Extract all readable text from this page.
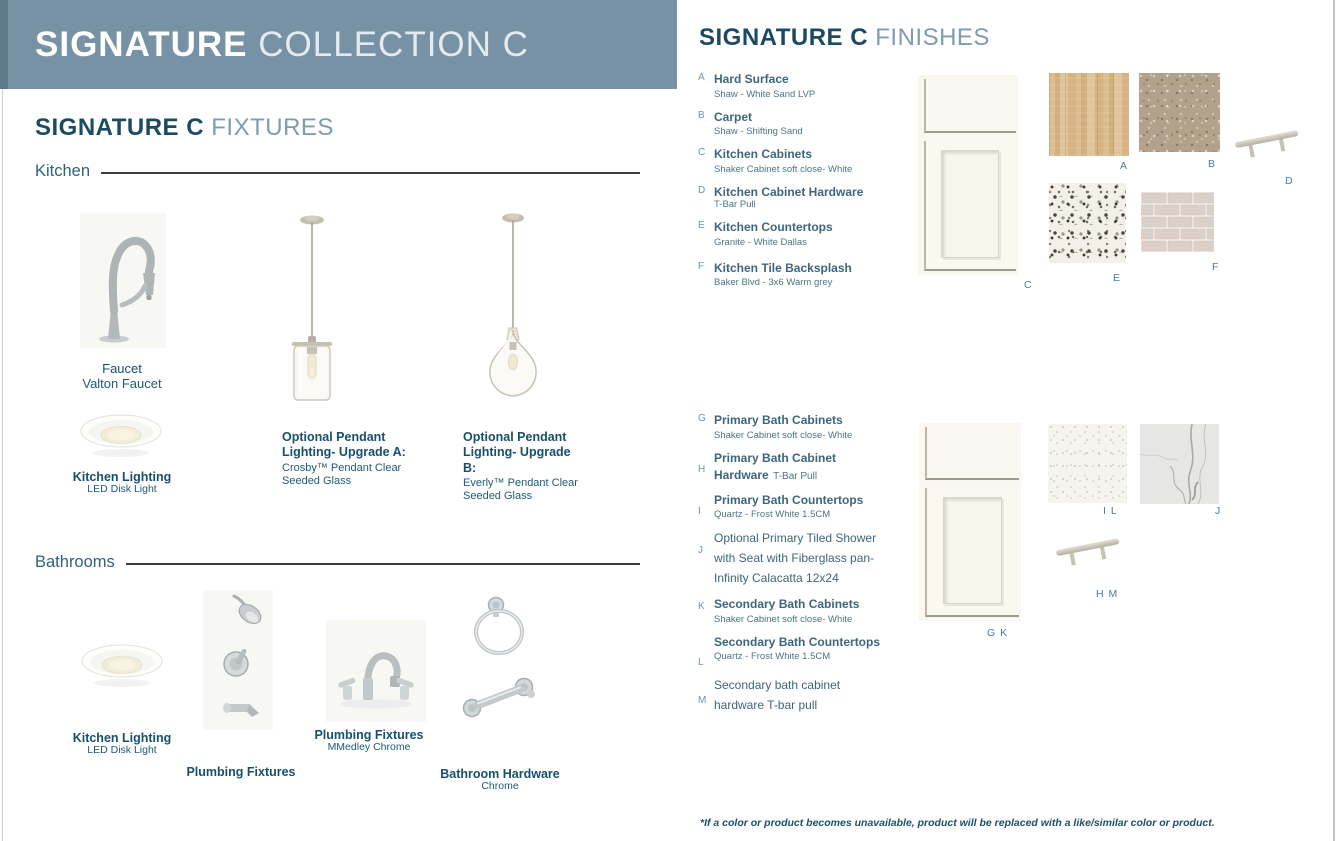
SIGNATURE COLLECTION C
SIGNATURE C FIXTURES
Kitchen
Faucet
Valton Faucet
Kitchen Lighting
LED Disk Light
Optional Pendant Lighting- Upgrade A:
Crosby™ Pendant Clear Seeded Glass
Optional Pendant Lighting- Upgrade B:
Everly™ Pendant Clear Seeded Glass
Bathrooms
Kitchen Lighting
LED Disk Light
Plumbing Fixtures
Plumbing Fixtures
MMedley Chrome
Bathroom Hardware
Chrome
SIGNATURE C FINISHES
A Hard Surface
Shaw - White Sand LVP
B Carpet
Shaw - Shifting Sand
C Kitchen Cabinets
Shaker Cabinet soft close- White
D Kitchen Cabinet Hardware
T-Bar Pull
E Kitchen Countertops
Granite - White Dallas
F Kitchen Tile Backsplash
Baker Blvd - 3x6 Warm grey
G Primary Bath Cabinets
Shaker Cabinet soft close- White
H
Primary Bath Cabinet Hardware T-Bar Pull
I
Primary Bath Countertops
Quartz - Frost White 1.5CM
J
Optional Primary Tiled Shower with Seat with Fiberglass pan- Infinity Calacatta 12x24
K Secondary Bath Cabinets
Shaker Cabinet soft close- White
L
Secondary Bath Countertops
Quartz - Frost White 1.5CM
M
Secondary bath cabinet hardware T-bar pull
C
A	B
D
E
F
G K
I L	J
H M
*If a color or product becomes unavailable, product will be replaced with a like/similar color or product.
